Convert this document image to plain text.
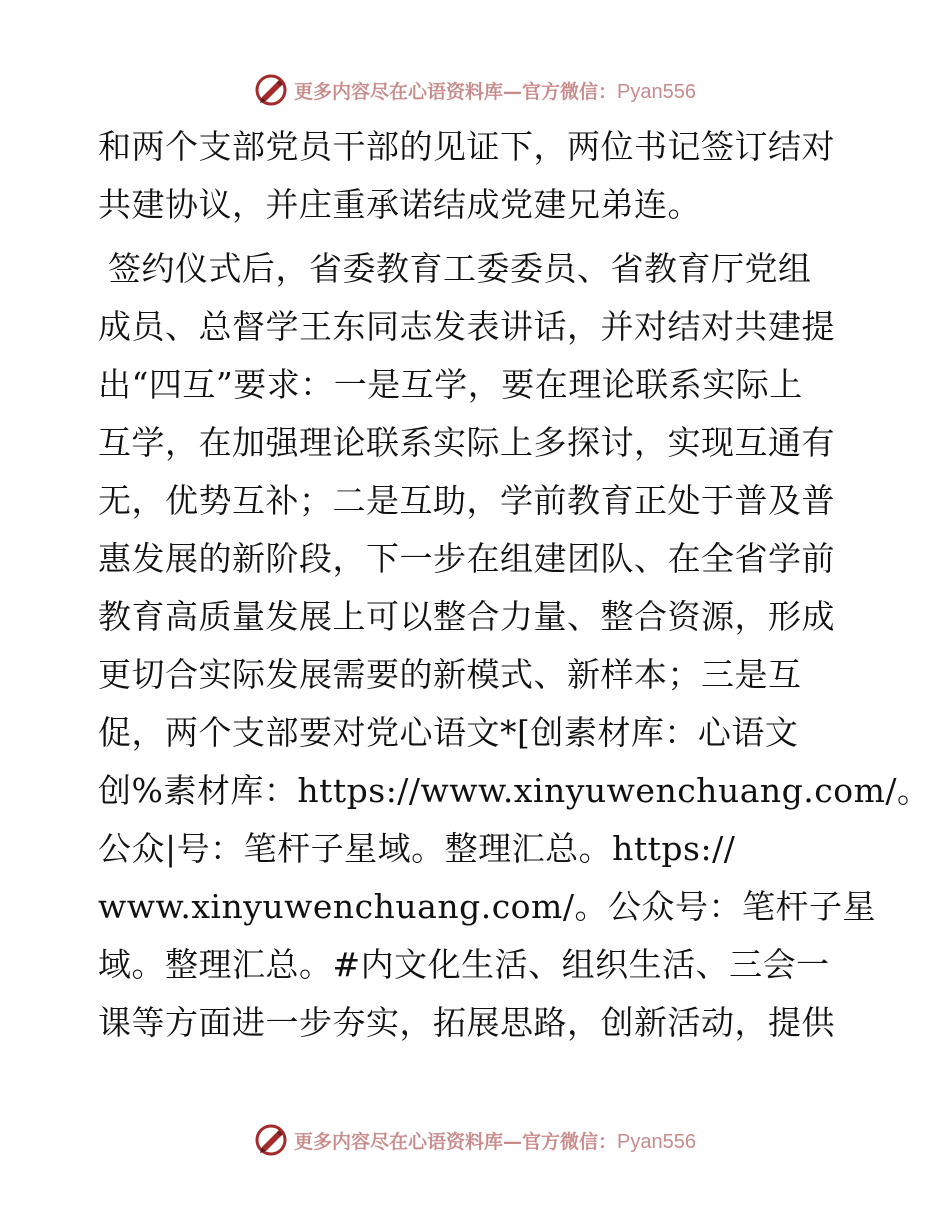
更多内容尽在心语资料库—官方微信：Pyan556
和两个支部党员干部的见证下，两位书记签订结对
共建协议，并庄重承诺结成党建兄弟连。
签约仪式后，省委教育工委委员、省教育厅党组
成员、总督学王东同志发表讲话，并对结对共建提
出“四互”要求：一是互学，要在理论联系实际上
互学，在加强理论联系实际上多探讨，实现互通有
无，优势互补；二是互助，学前教育正处于普及普
惠发展的新阶段，下一步在组建团队、在全省学前
教育高质量发展上可以整合力量、整合资源，形成
更切合实际发展需要的新模式、新样本；三是互
促，两个支部要对党心语文*[创素材库：心语文
创%素材库：https://www.xinyuwenchuang.com/。
公众|号：笔杆子星域。整理汇总。https://
www.xinyuwenchuang.com/。公众号：笔杆子星
域。整理汇总。#内文化生活、组织生活、三会一
课等方面进一步夯实，拓展思路，创新活动，提供
更多内容尽在心语资料库—官方微信：Pyan556
